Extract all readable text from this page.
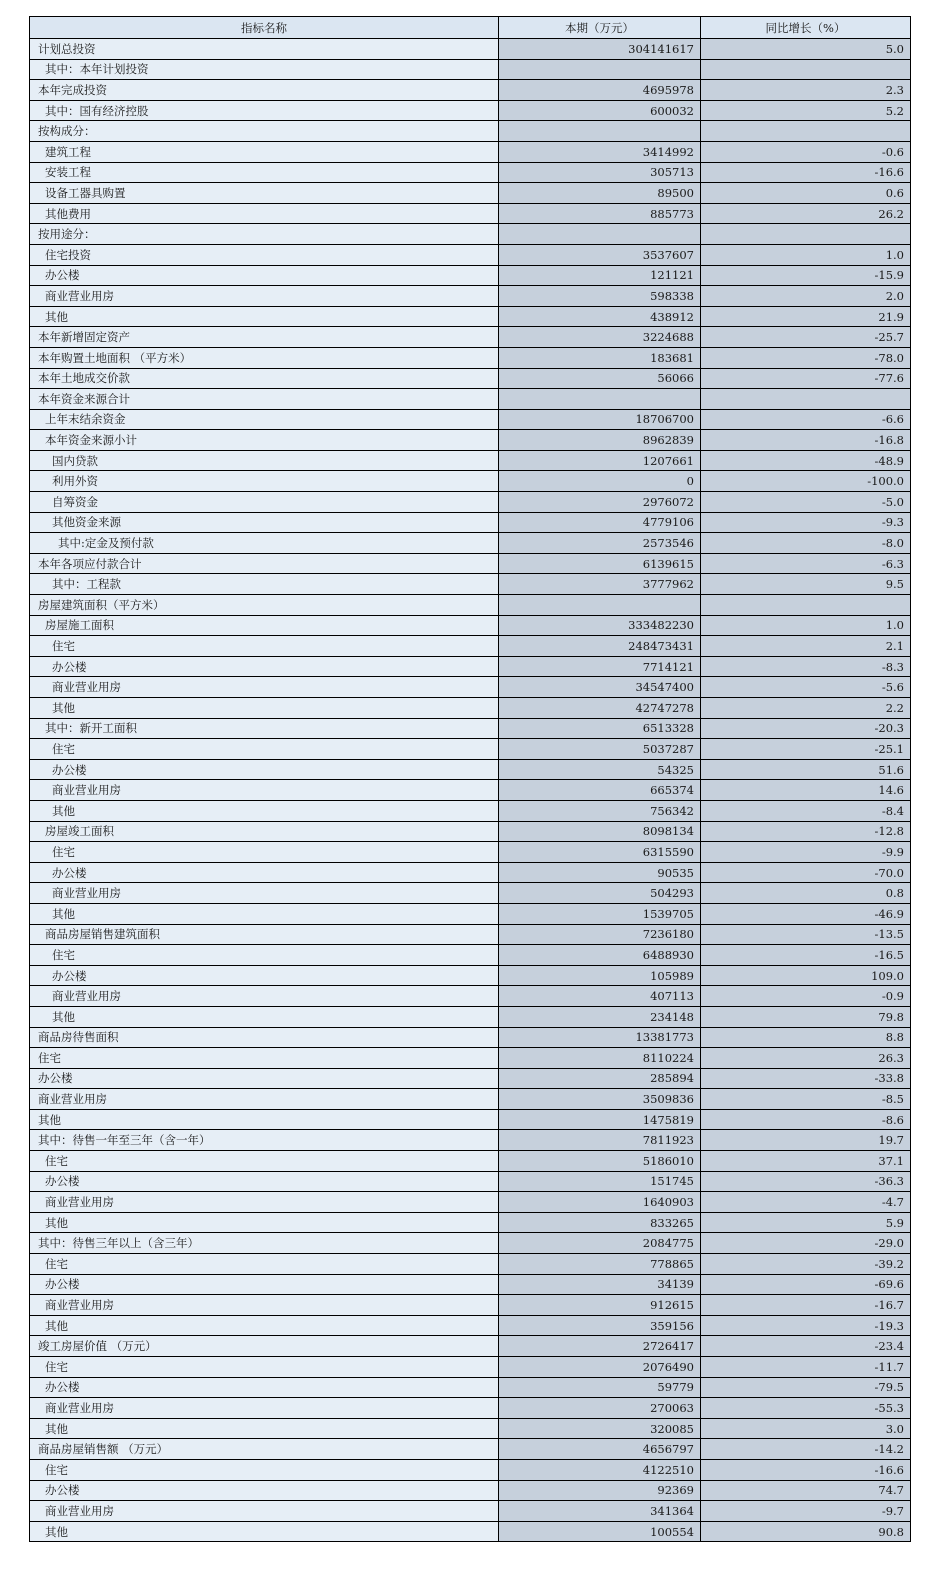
指标名称	本期（万元）	同比增长（%）
计划总投资	304141617	5.0
其中：本年计划投资		
本年完成投资	4695978	2.3
其中：国有经济控股	600032	5.2
按构成分：		
建筑工程	3414992	-0.6
安装工程	305713	-16.6
设备工器具购置	89500	0.6
其他费用	885773	26.2
按用途分：		
住宅投资	3537607	1.0
办公楼	121121	-15.9
商业营业用房	598338	2.0
其他	438912	21.9
本年新增固定资产	3224688	-25.7
本年购置土地面积 （平方米）	183681	-78.0
本年土地成交价款	56066	-77.6
本年资金来源合计		
上年末结余资金	18706700	-6.6
本年资金来源小计	8962839	-16.8
国内贷款	1207661	-48.9
利用外资	0	-100.0
自筹资金	2976072	-5.0
其他资金来源	4779106	-9.3
其中:定金及预付款	2573546	-8.0
本年各项应付款合计	6139615	-6.3
其中：工程款	3777962	9.5
房屋建筑面积（平方米）		
房屋施工面积	333482230	1.0
住宅	248473431	2.1
办公楼	7714121	-8.3
商业营业用房	34547400	-5.6
其他	42747278	2.2
其中：新开工面积	6513328	-20.3
住宅	5037287	-25.1
办公楼	54325	51.6
商业营业用房	665374	14.6
其他	756342	-8.4
房屋竣工面积	8098134	-12.8
住宅	6315590	-9.9
办公楼	90535	-70.0
商业营业用房	504293	0.8
其他	1539705	-46.9
商品房屋销售建筑面积	7236180	-13.5
住宅	6488930	-16.5
办公楼	105989	109.0
商业营业用房	407113	-0.9
其他	234148	79.8
商品房待售面积	13381773	8.8
住宅	8110224	26.3
办公楼	285894	-33.8
商业营业用房	3509836	-8.5
其他	1475819	-8.6
其中：待售一年至三年（含一年）	7811923	19.7
住宅	5186010	37.1
办公楼	151745	-36.3
商业营业用房	1640903	-4.7
其他	833265	5.9
其中：待售三年以上（含三年）	2084775	-29.0
住宅	778865	-39.2
办公楼	34139	-69.6
商业营业用房	912615	-16.7
其他	359156	-19.3
竣工房屋价值 （万元）	2726417	-23.4
住宅	2076490	-11.7
办公楼	59779	-79.5
商业营业用房	270063	-55.3
其他	320085	3.0
商品房屋销售额 （万元）	4656797	-14.2
住宅	4122510	-16.6
办公楼	92369	74.7
商业营业用房	341364	-9.7
其他	100554	90.8
